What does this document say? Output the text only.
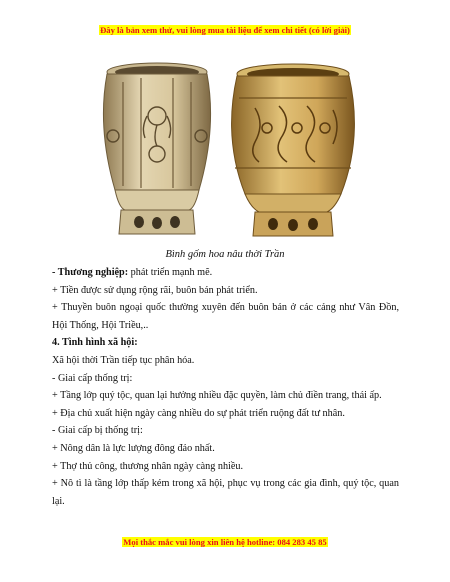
Đây là bản xem thử, vui lòng mua tài liệu để xem chi tiết (có lời giải)
Bình gốm hoa nâu thời Trần

- Thương nghiệp: phát triển mạnh mẽ.

+ Tiền được sử dụng rộng rãi, buôn bán phát triển.

+ Thuyền buôn ngoại quốc thường xuyên đến buôn bán ở các cảng như Vân Đồn, Hội Thống, Hội Triều,..

4. Tình hình xã hội:

Xã hội thời Trần tiếp tục phân hóa.

- Giai cấp thống trị:

+ Tầng lớp quý tộc, quan lại hưởng nhiều đặc quyền, làm chủ điền trang, thái ấp.

+ Địa chủ xuất hiện ngày càng nhiều do sự phát triển ruộng đất tư nhân.

- Giai cấp bị thống trị:

+ Nông dân là lực lượng đông đảo nhất.

+ Thợ thủ công, thương nhân ngày càng nhiều.

+ Nô tì là tầng lớp thấp kém trong xã hội, phục vụ trong các gia đình, quý tộc, quan lại.

Mọi thắc mắc vui lòng xin liên hệ hotline: 084 283 45 85
